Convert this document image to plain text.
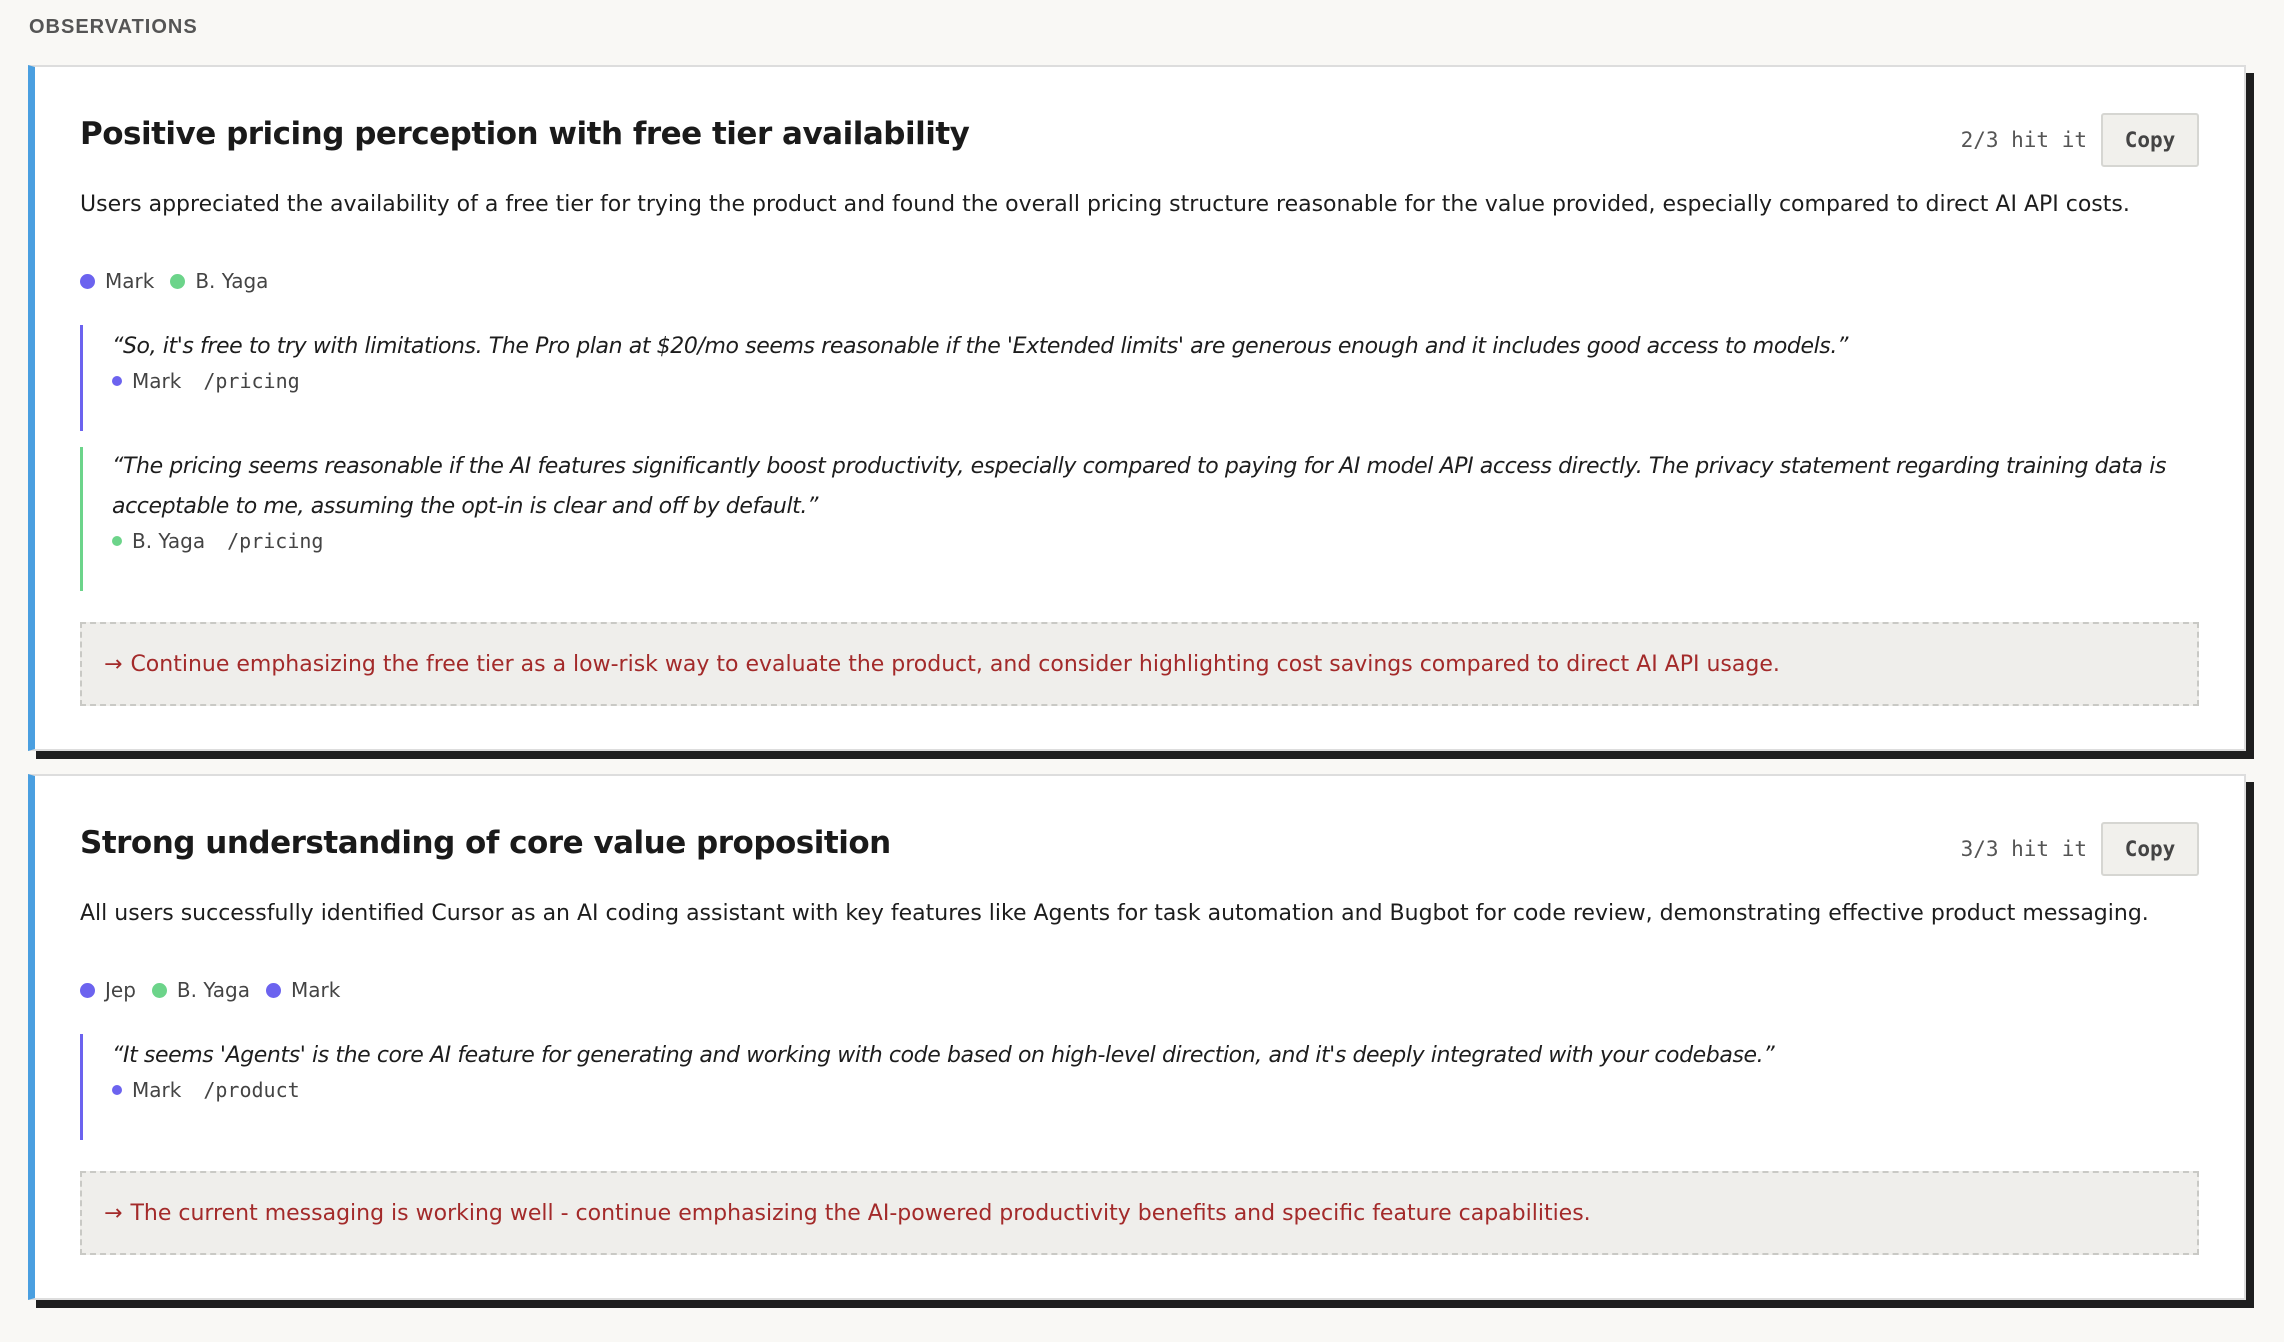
OBSERVATIONS
Positive pricing perception with free tier availability	2/3 hit it	Copy
Users appreciated the availability of a free tier for trying the product and found the overall pricing structure reasonable for the value provided, especially compared to direct AI API costs.
Mark B. Yaga
“So, it's free to try with limitations. The Pro plan at $20/mo seems reasonable if the 'Extended limits' are generous enough and it includes good access to models.”
Mark /pricing
“The pricing seems reasonable if the AI features significantly boost productivity, especially compared to paying for AI model API access directly. The privacy statement regarding training data is acceptable to me, assuming the opt-in is clear and off by default.”
B. Yaga /pricing
→ Continue emphasizing the free tier as a low-risk way to evaluate the product, and consider highlighting cost savings compared to direct AI API usage.
Strong understanding of core value proposition	3/3 hit it	Copy
All users successfully identified Cursor as an AI coding assistant with key features like Agents for task automation and Bugbot for code review, demonstrating effective product messaging.
Jep B. Yaga Mark
“It seems 'Agents' is the core AI feature for generating and working with code based on high-level direction, and it's deeply integrated with your codebase.”
Mark /product
→ The current messaging is working well - continue emphasizing the AI-powered productivity benefits and specific feature capabilities.
